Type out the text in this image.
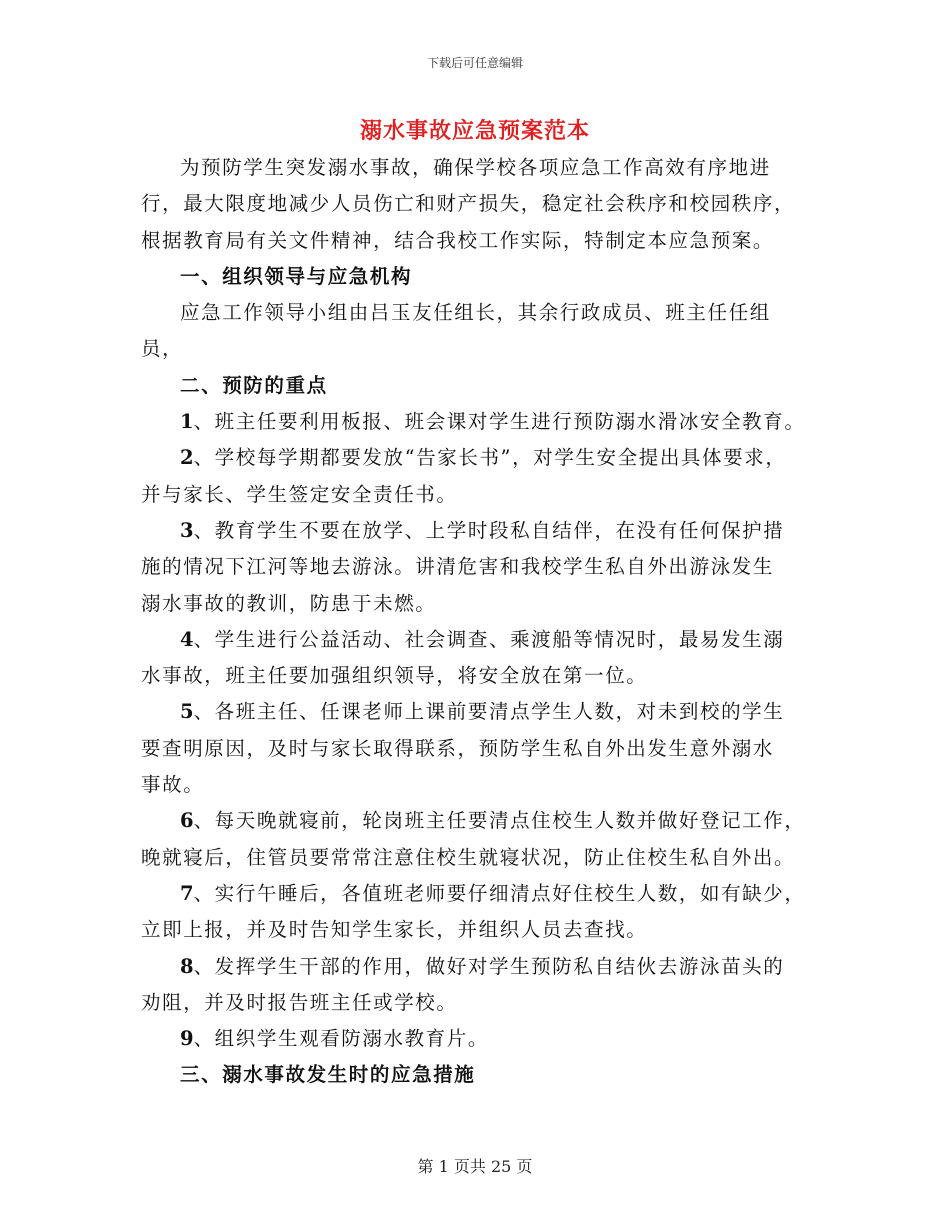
下载后可任意编辑
溺水事故应急预案范本

为预防学生突发溺水事故，确保学校各项应急工作高效有序地进
行，最大限度地减少人员伤亡和财产损失，稳定社会秩序和校园秩序，
根据教育局有关文件精神，结合我校工作实际，特制定本应急预案。

一、组织领导与应急机构

应急工作领导小组由吕玉友任组长，其余行政成员、班主任任组
员，

二、预防的重点

1、班主任要利用板报、班会课对学生进行预防溺水滑冰安全教育。

2、学校每学期都要发放“告家长书”，对学生安全提出具体要求，
并与家长、学生签定安全责任书。

3、教育学生不要在放学、上学时段私自结伴，在没有任何保护措
施的情况下江河等地去游泳。讲清危害和我校学生私自外出游泳发生
溺水事故的教训，防患于未燃。

4、学生进行公益活动、社会调查、乘渡船等情况时，最易发生溺
水事故，班主任要加强组织领导，将安全放在第一位。

5、各班主任、任课老师上课前要清点学生人数，对未到校的学生
要查明原因，及时与家长取得联系，预防学生私自外出发生意外溺水
事故。

6、每天晚就寝前，轮岗班主任要清点住校生人数并做好登记工作，
晚就寝后，住管员要常常注意住校生就寝状况，防止住校生私自外出。

7、实行午睡后，各值班老师要仔细清点好住校生人数，如有缺少，
立即上报，并及时告知学生家长，并组织人员去查找。

8、发挥学生干部的作用，做好对学生预防私自结伙去游泳苗头的
劝阻，并及时报告班主任或学校。

9、组织学生观看防溺水教育片。

三、溺水事故发生时的应急措施

第 1 页共 25 页
